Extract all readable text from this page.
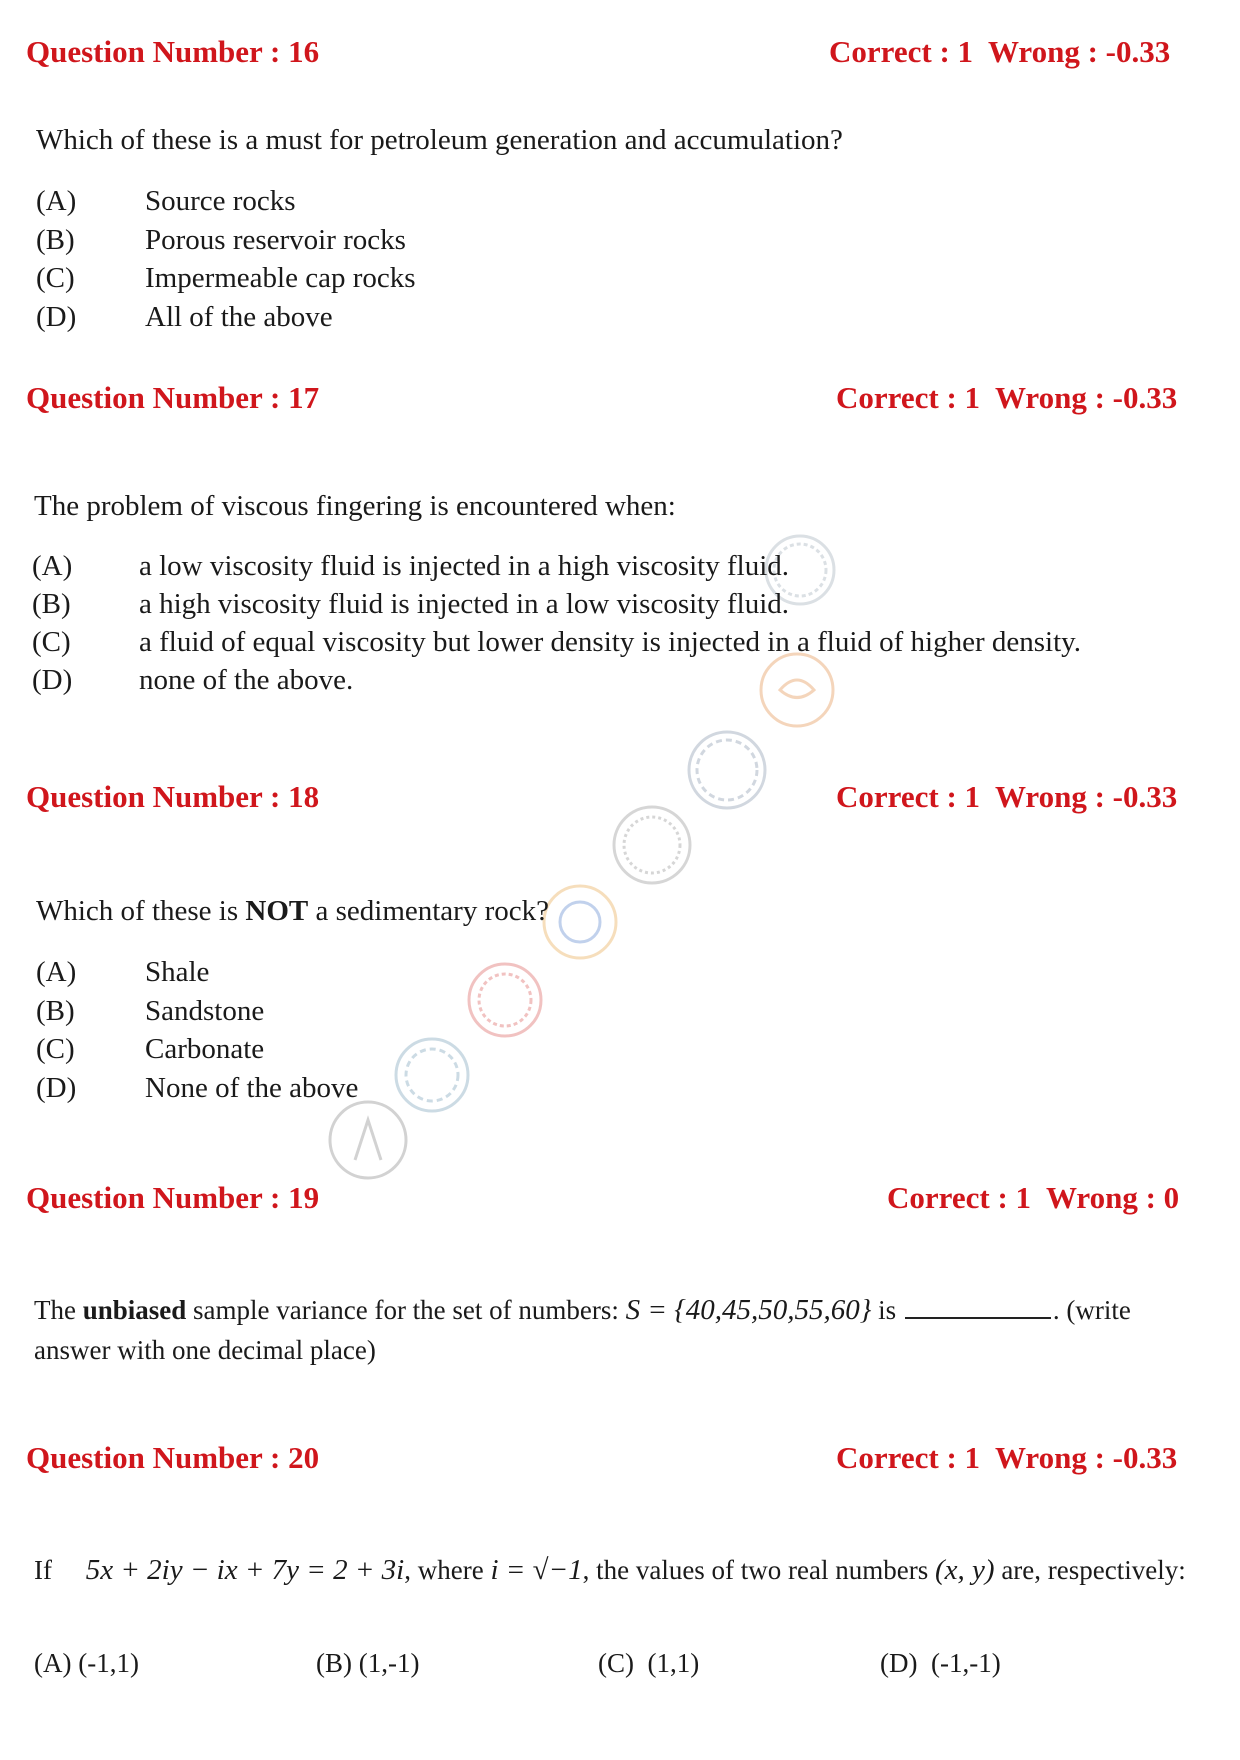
Question Number : 16	Correct : 1  Wrong : -0.33
Which of these is a must for petroleum generation and accumulation?
(A) Source rocks
(B) Porous reservoir rocks
(C) Impermeable cap rocks
(D) All of the above
Question Number : 17	Correct : 1  Wrong : -0.33
The problem of viscous fingering is encountered when:
(A) a low viscosity fluid is injected in a high viscosity fluid.
(B) a high viscosity fluid is injected in a low viscosity fluid.
(C) a fluid of equal viscosity but lower density is injected in a fluid of higher density.
(D) none of the above.
Question Number : 18	Correct : 1  Wrong : -0.33
Which of these is NOT a sedimentary rock?
(A) Shale
(B) Sandstone
(C) Carbonate
(D) None of the above
Question Number : 19	Correct : 1  Wrong : 0
The unbiased sample variance for the set of numbers: S = {40,45,50,55,60} is	. (write answer with one decimal place)
Question Number : 20	Correct : 1  Wrong : -0.33
If 5x + 2iy − ix + 7y = 2 + 3i, where i = √−1, the values of two real numbers (x, y) are, respectively:
(A) (-1,1)	(B) (1,-1)	(C)  (1,1)	(D)  (-1,-1)
